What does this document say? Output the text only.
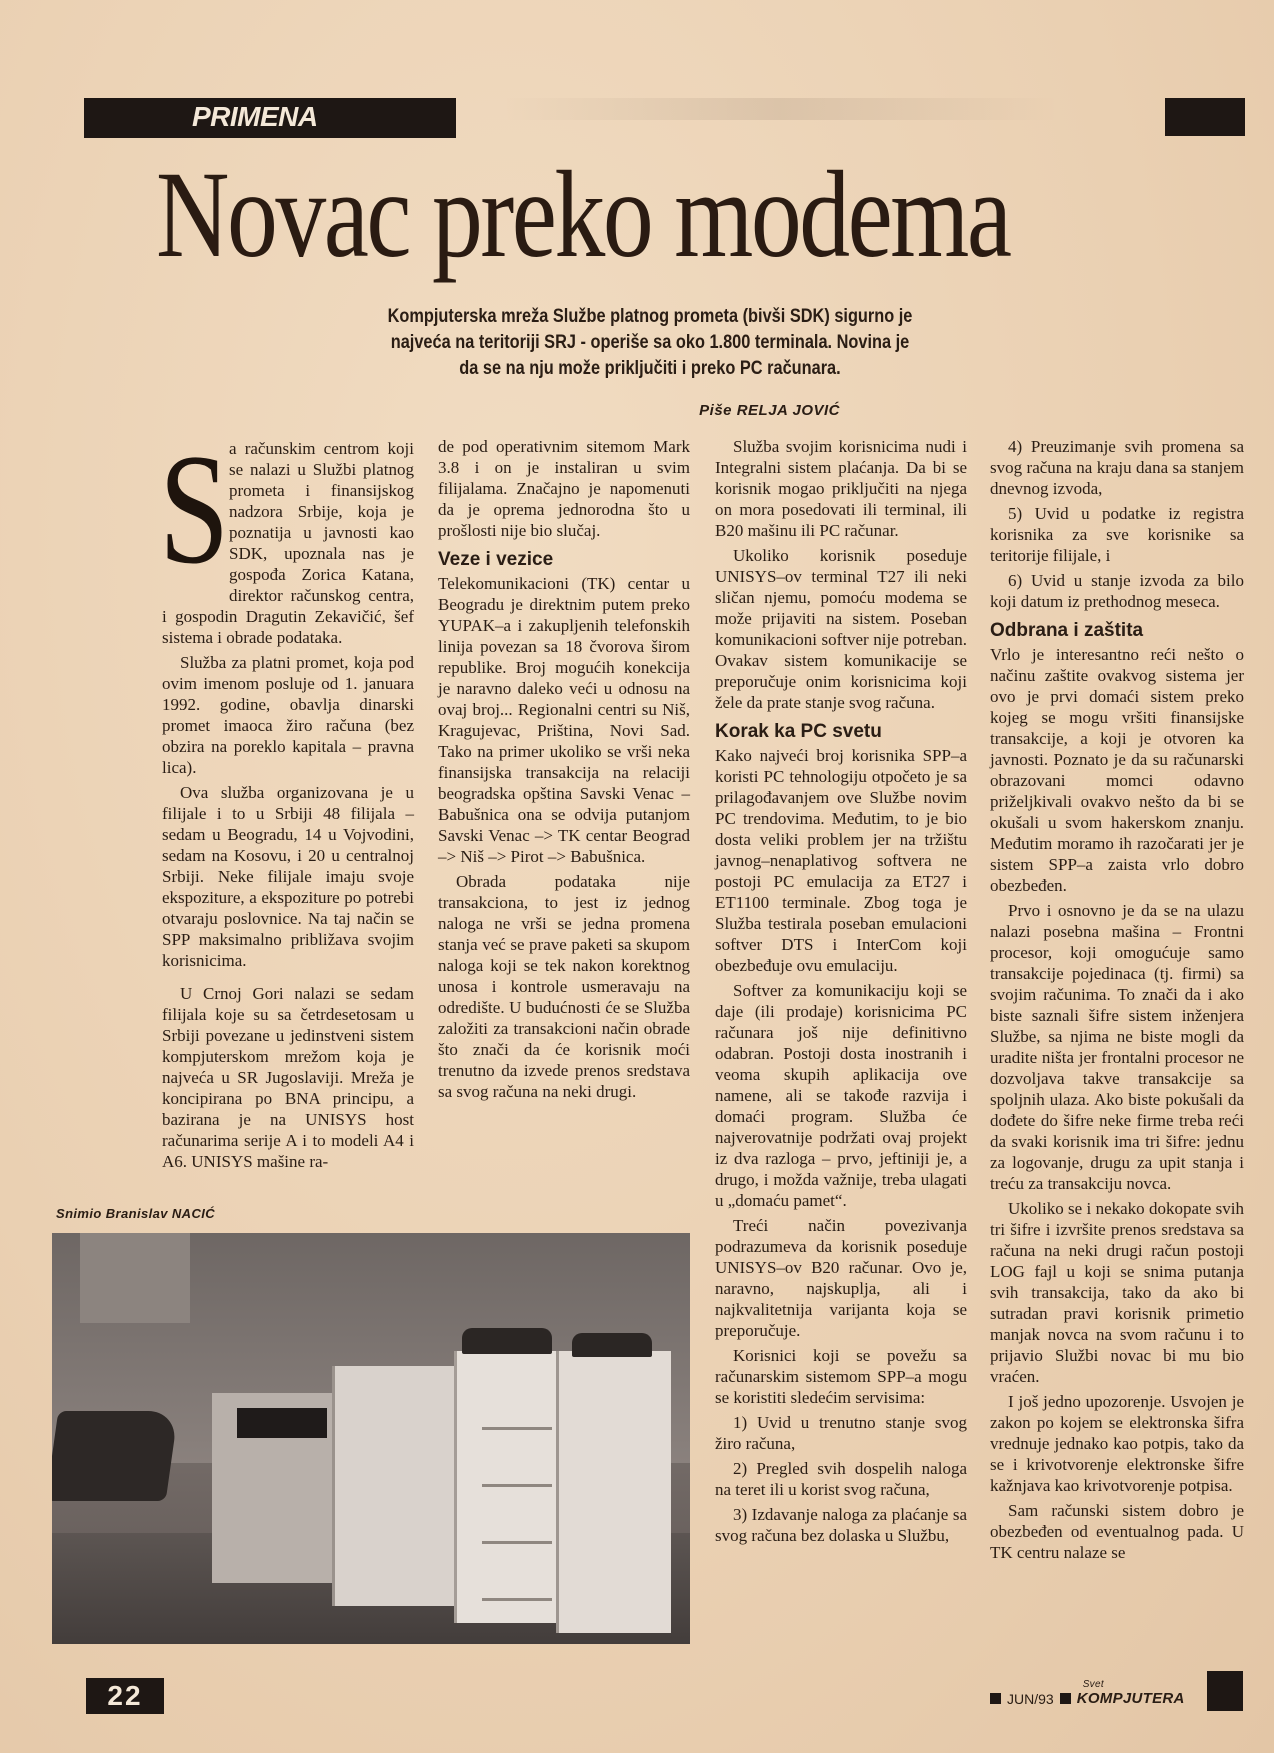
PRIMENA
Novac preko modema
Kompjuterska mreža Službe platnog prometa (bivši SDK) sigurno je najveća na teritoriji SRJ - operiše sa oko 1.800 terminala. Novina je da se na nju može priključiti i preko PC računara.
Piše RELJA JOVIĆ
S a računskim centrom koji se nalazi u Službi platnog prometa i finansijskog nadzora Srbije, koja je poznatija u javnosti kao SDK, upoznala nas je gospođa Zorica Katana, direktor računskog centra, i gospodin Dragutin Zekavičić, šef sistema i obrade podataka.

Služba za platni promet, koja pod ovim imenom posluje od 1. januara 1992. godine, obavlja dinarski promet imaoca žiro računa (bez obzira na poreklo kapitala – pravna lica).

Ova služba organizovana je u filijale i to u Srbiji 48 filijala – sedam u Beogradu, 14 u Vojvodini, sedam na Kosovu, i 20 u centralnoj Srbiji. Neke filijale imaju svoje ekspoziture, a ekspoziture po potrebi otvaraju poslovnice. Na taj način se SPP maksimalno približava svojim korisnicima.

U Crnoj Gori nalazi se sedam filijala koje su sa četrdesetosam u Srbiji povezane u jedinstveni sistem kompjuterskom mrežom koja je najveća u SR Jugoslaviji. Mreža je koncipirana po BNA principu, a bazirana je na UNISYS host računarima serije A i to modeli A4 i A6. UNISYS mašine ra-

de pod operativnim sitemom Mark 3.8 i on je instaliran u svim filijalama. Značajno je napomenuti da je oprema jednorodna što u prošlosti nije bio slučaj.

Veze i vezice

Telekomunikacioni (TK) centar u Beogradu je direktnim putem preko YUPAK–a i zakupljenih telefonskih linija povezan sa 18 čvorova širom republike. Broj mogućih konekcija je naravno daleko veći u odnosu na ovaj broj... Regionalni centri su Niš, Kragujevac, Priština, Novi Sad. Tako na primer ukoliko se vrši neka finansijska transakcija na relaciji beogradska opština Savski Venac – Babušnica ona se odvija putanjom Savski Venac –> TK centar Beograd –> Niš –> Pirot –> Babušnica.

Obrada podataka nije transakciona, to jest iz jednog naloga ne vrši se jedna promena stanja već se prave paketi sa skupom naloga koji se tek nakon korektnog unosa i kontrole usmeravaju na odredište. U budućnosti će se Služba založiti za transakcioni način obrade što znači da će korisnik moći trenutno da izvede prenos sredstava sa svog računa na neki drugi.

Služba svojim korisnicima nudi i Integralni sistem plaćanja. Da bi se korisnik mogao priključiti na njega on mora posedovati ili terminal, ili B20 mašinu ili PC računar.

Ukoliko korisnik poseduje UNISYS–ov terminal T27 ili neki sličan njemu, pomoću modema se može prijaviti na sistem. Poseban komunikacioni softver nije potreban. Ovakav sistem komunikacije se preporučuje onim korisnicima koji žele da prate stanje svog računa.

Korak ka PC svetu

Kako najveći broj korisnika SPP–a koristi PC tehnologiju otpočeto je sa prilagođavanjem ove Službe novim PC trendovima. Međutim, to je bio dosta veliki problem jer na tržištu javnog–nenaplativog softvera ne postoji PC emulacija za ET27 i ET1100 terminale. Zbog toga je Služba testirala poseban emulacioni softver DTS i InterCom koji obezbeđuje ovu emulaciju.

Softver za komunikaciju koji se daje (ili prodaje) korisnicima PC računara još nije definitivno odabran. Postoji dosta inostranih i veoma skupih aplikacija ove namene, ali se takođe razvija i domaći program. Služba će najverovatnije podržati ovaj projekt iz dva razloga – prvo, jeftiniji je, a drugo, i možda važnije, treba ulagati u „domaću pamet“.

Treći način povezivanja podrazumeva da korisnik poseduje UNISYS–ov B20 računar. Ovo je, naravno, najskuplja, ali i najkvalitetnija varijanta koja se preporučuje.

Korisnici koji se povežu sa računarskim sistemom SPP–a mogu se koristiti sledećim servisima:

1) Uvid u trenutno stanje svog žiro računa,

2) Pregled svih dospelih naloga na teret ili u korist svog računa,

3) Izdavanje naloga za plaćanje sa svog računa bez dolaska u Službu,

4) Preuzimanje svih promena sa svog računa na kraju dana sa stanjem dnevnog izvoda,

5) Uvid u podatke iz registra korisnika za sve korisnike sa teritorije filijale, i

6) Uvid u stanje izvoda za bilo koji datum iz prethodnog meseca.

Odbrana i zaštita

Vrlo je interesantno reći nešto o načinu zaštite ovakvog sistema jer ovo je prvi domaći sistem preko kojeg se mogu vršiti finansijske transakcije, a koji je otvoren ka javnosti. Poznato je da su računarski obrazovani momci odavno priželjkivali ovakvo nešto da bi se okušali u svom hakerskom znanju. Međutim moramo ih razočarati jer je sistem SPP–a zaista vrlo dobro obezbeđen.

Prvo i osnovno je da se na ulazu nalazi posebna mašina – Frontni procesor, koji omogućuje samo transakcije pojedinaca (tj. firmi) sa svojim računima. To znači da i ako biste saznali šifre sistem inženjera Službe, sa njima ne biste mogli da uradite ništa jer frontalni procesor ne dozvoljava takve transakcije sa spoljnih ulaza. Ako biste pokušali da dođete do šifre neke firme treba reći da svaki korisnik ima tri šifre: jednu za logovanje, drugu za upit stanja i treću za transakciju novca.

Ukoliko se i nekako dokopate svih tri šifre i izvršite prenos sredstava sa računa na neki drugi račun postoji LOG fajl u koji se snima putanja svih transakcija, tako da ako bi sutradan pravi korisnik primetio manjak novca na svom računu i to prijavio Službi novac bi mu bio vraćen.

I još jedno upozorenje. Usvojen je zakon po kojem se elektronska šifra vrednuje jednako kao potpis, tako da se i krivotvorenje elektronske šifre kažnjava kao krivotvorenje potpisa.

Sam računski sistem dobro je obezbeđen od eventualnog pada. U TK centru nalaze se

Snimio Branislav NACIĆ
22	JUN/93
Svet
KOMPJUTERA
